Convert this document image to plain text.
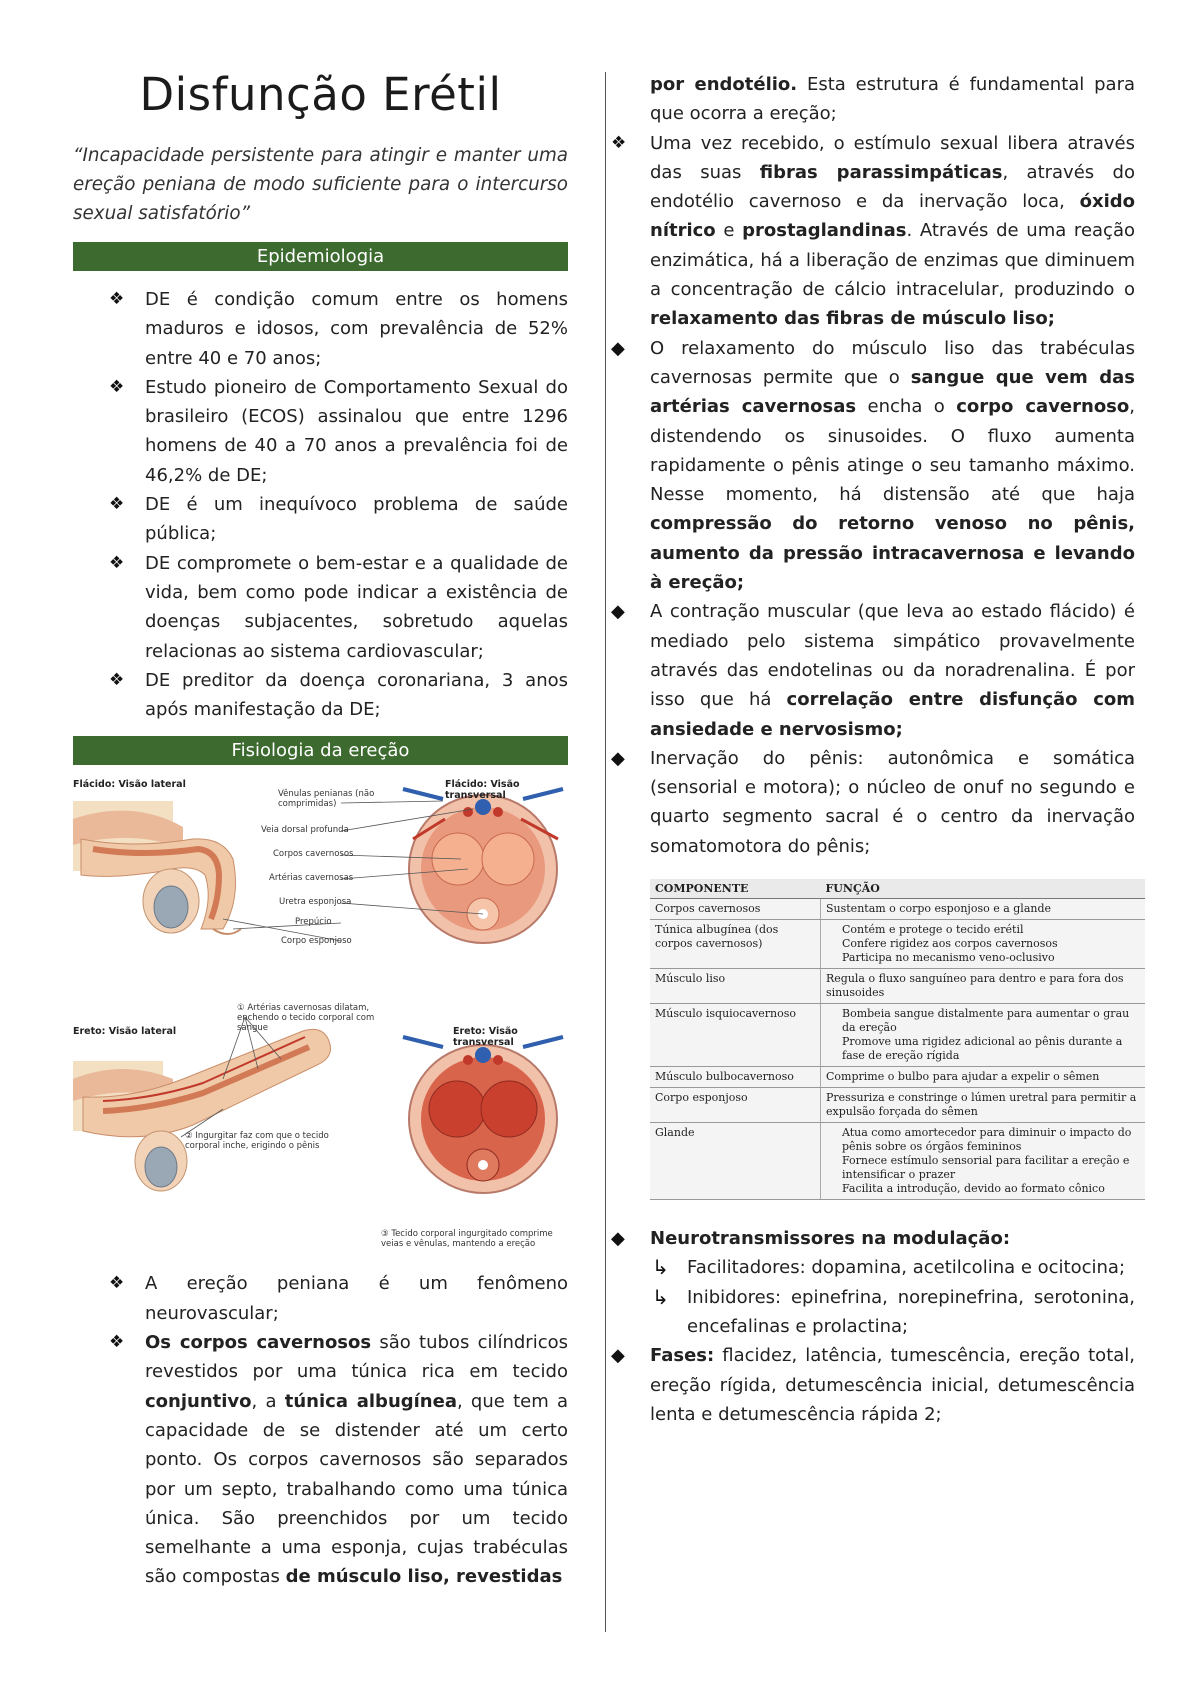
Disfunção Erétil
“Incapacidade persistente para atingir e manter uma ereção peniana de modo suficiente para o intercurso sexual satisfatório”
Epidemiologia
❖ DE é condição comum entre os homens maduros e idosos, com prevalência de 52% entre 40 e 70 anos;
❖ Estudo pioneiro de Comportamento Sexual do brasileiro (ECOS) assinalou que entre 1296 homens de 40 a 70 anos a prevalência foi de 46,2% de DE;
❖ DE é um inequívoco problema de saúde pública;
❖ DE compromete o bem-estar e a qualidade de vida, bem como pode indicar a existência de doenças subjacentes, sobretudo aquelas relacionas ao sistema cardiovascular;
❖ DE preditor da doença coronariana, 3 anos após manifestação da DE;
Fisiologia da ereção
Flácido: Visão lateral	Flácido: Visão transversal
Ereto: Visão lateral	Ereto: Visão transversal
Vênulas penianas (não comprimidas)
Veia dorsal profunda
Corpos cavernosos
Artérias cavernosas
Uretra esponjosa
Prepúcio
Corpo esponjoso
① Artérias cavernosas dilatam, enchendo o tecido corporal com sangue
② Ingurgitar faz com que o tecido corporal inche, erigindo o pênis
③ Tecido corporal ingurgitado comprime veias e vênulas, mantendo a ereção
❖ A ereção peniana é um fenômeno neurovascular;
❖ Os corpos cavernosos são tubos cilíndricos revestidos por uma túnica rica em tecido conjuntivo, a túnica albugínea, que tem a capacidade de se distender até um certo ponto. Os corpos cavernosos são separados por um septo, trabalhando como uma túnica única. São preenchidos por um tecido semelhante a uma esponja, cujas trabéculas são compostas de músculo liso, revestidas
por endotélio. Esta estrutura é fundamental para que ocorra a ereção;
❖ Uma vez recebido, o estímulo sexual libera através das suas fibras parassimpáticas, através do endotélio cavernoso e da inervação loca, óxido nítrico e prostaglandinas. Através de uma reação enzimática, há a liberação de enzimas que diminuem a concentração de cálcio intracelular, produzindo o relaxamento das fibras de músculo liso;
◆ O relaxamento do músculo liso das trabéculas cavernosas permite que o sangue que vem das artérias cavernosas encha o corpo cavernoso, distendendo os sinusoides. O fluxo aumenta rapidamente o pênis atinge o seu tamanho máximo. Nesse momento, há distensão até que haja compressão do retorno venoso no pênis, aumento da pressão intracavernosa e levando à ereção;
◆ A contração muscular (que leva ao estado flácido) é mediado pelo sistema simpático provavelmente através das endotelinas ou da noradrenalina. É por isso que há correlação entre disfunção com ansiedade e nervosismo;
◆ Inervação do pênis: autonômica e somática (sensorial e motora); o núcleo de onuf no segundo e quarto segmento sacral é o centro da inervação somatomotora do pênis;
COMPONENTE	FUNÇÃO
Corpos cavernosos	Sustentam o corpo esponjoso e a glande

Túnica albugínea (dos corpos cavernosos)	Contém e protege o tecido erétil
Confere rigidez aos corpos cavernosos
Participa no mecanismo veno-oclusivo

Músculo liso	Regula o fluxo sanguíneo para dentro e para fora dos sinusoides

Músculo isquiocavernoso	Bombeia sangue distalmente para aumentar o grau da ereção
Promove uma rigidez adicional ao pênis durante a fase de ereção rígida

Músculo bulbocavernoso	Comprime o bulbo para ajudar a expelir o sêmen

Corpo esponjoso	Pressuriza e constringe o lúmen uretral para permitir a expulsão forçada do sêmen

Glande	Atua como amortecedor para diminuir o impacto do pênis sobre os órgãos femininos
Fornece estímulo sensorial para facilitar a ereção e intensificar o prazer
Facilita a introdução, devido ao formato cônico
◆ Neurotransmissores na modulação:
↳ Facilitadores: dopamina, acetilcolina e ocitocina;
↳ Inibidores: epinefrina, norepinefrina, serotonina, encefalinas e prolactina;
◆ Fases: flacidez, latência, tumescência, ereção total, ereção rígida, detumescência inicial, detumescência lenta e detumescência rápida 2;
